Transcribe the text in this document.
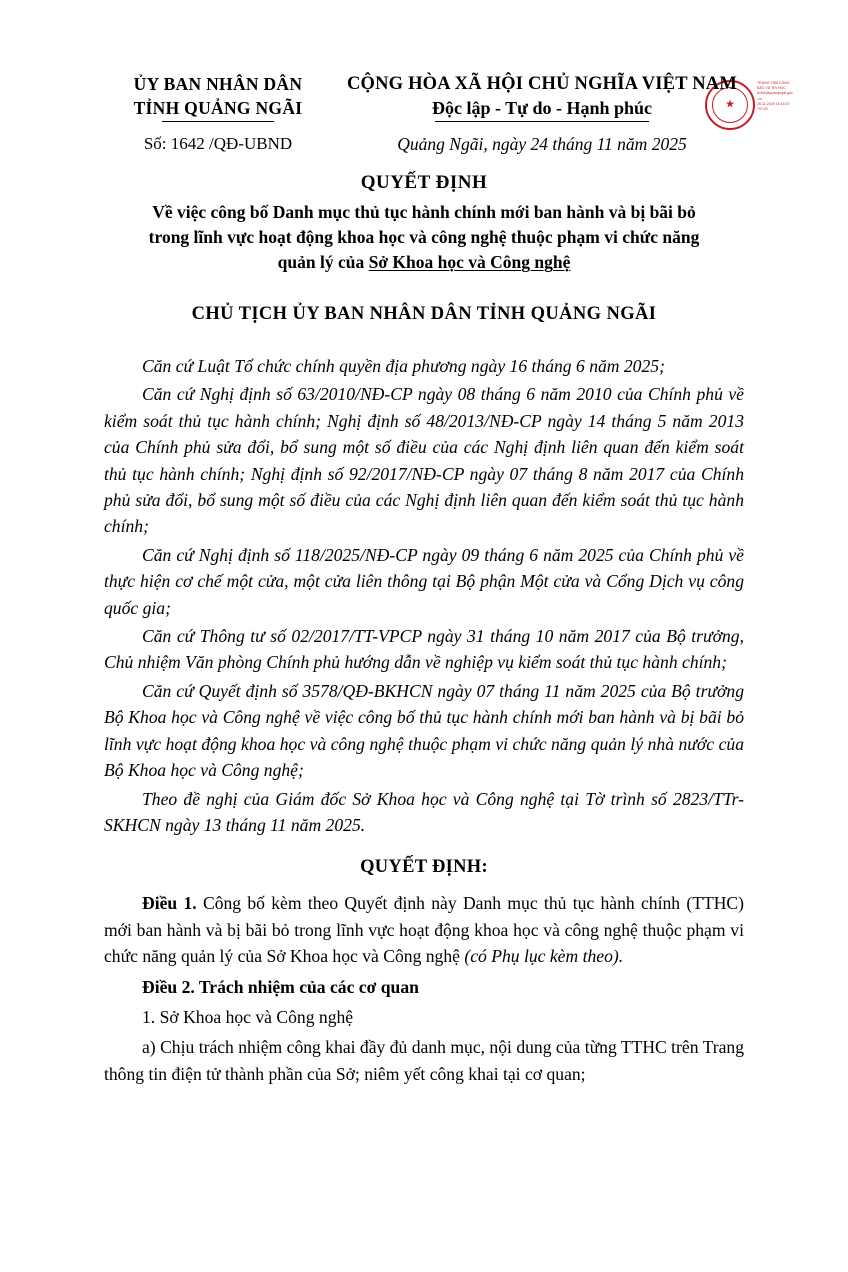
★
TRUNG TÂM CÔNG
BÁO VÀ TIN HỌC
ttcbth@quangngai.gov
.vn
28.11.2025 15:16:37
+07:00
ỦY BAN NHÂN DÂN
TỈNH QUẢNG NGÃI
Số: 1642 /QĐ-UBND
CỘNG HÒA XÃ HỘI CHỦ NGHĨA VIỆT NAM
Độc lập - Tự do - Hạnh phúc
Quảng Ngãi, ngày 24 tháng 11 năm 2025
QUYẾT ĐỊNH
Về việc công bố Danh mục thủ tục hành chính mới ban hành và bị bãi bỏ
trong lĩnh vực hoạt động khoa học và công nghệ thuộc phạm vi chức năng
quản lý của Sở Khoa học và Công nghệ
CHỦ TỊCH ỦY BAN NHÂN DÂN TỈNH QUẢNG NGÃI

Căn cứ Luật Tổ chức chính quyền địa phương ngày 16 tháng 6 năm 2025;

Căn cứ Nghị định số 63/2010/NĐ-CP ngày 08 tháng 6 năm 2010 của Chính phủ về kiểm soát thủ tục hành chính; Nghị định số 48/2013/NĐ-CP ngày 14 tháng 5 năm 2013 của Chính phủ sửa đổi, bổ sung một số điều của các Nghị định liên quan đến kiểm soát thủ tục hành chính; Nghị định số 92/2017/NĐ-CP ngày 07 tháng 8 năm 2017 của Chính phủ sửa đổi, bổ sung một số điều của các Nghị định liên quan đến kiểm soát thủ tục hành chính;

Căn cứ Nghị định số 118/2025/NĐ-CP ngày 09 tháng 6 năm 2025 của Chính phủ về thực hiện cơ chế một cửa, một cửa liên thông tại Bộ phận Một cửa và Cổng Dịch vụ công quốc gia;

Căn cứ Thông tư số 02/2017/TT-VPCP ngày 31 tháng 10 năm 2017 của Bộ trưởng, Chủ nhiệm Văn phòng Chính phủ hướng dẫn về nghiệp vụ kiểm soát thủ tục hành chính;

Căn cứ Quyết định số 3578/QĐ-BKHCN ngày 07 tháng 11 năm 2025 của Bộ trưởng Bộ Khoa học và Công nghệ về việc công bố thủ tục hành chính mới ban hành và bị bãi bỏ lĩnh vực hoạt động khoa học và công nghệ thuộc phạm vi chức năng quản lý nhà nước của Bộ Khoa học và Công nghệ;

Theo đề nghị của Giám đốc Sở Khoa học và Công nghệ tại Tờ trình số 2823/TTr-SKHCN ngày 13 tháng 11 năm 2025.

QUYẾT ĐỊNH:

Điều 1. Công bố kèm theo Quyết định này Danh mục thủ tục hành chính (TTHC) mới ban hành và bị bãi bỏ trong lĩnh vực hoạt động khoa học và công nghệ thuộc phạm vi chức năng quản lý của Sở Khoa học và Công nghệ (có Phụ lục kèm theo).

Điều 2. Trách nhiệm của các cơ quan

1. Sở Khoa học và Công nghệ

a) Chịu trách nhiệm công khai đầy đủ danh mục, nội dung của từng TTHC trên Trang thông tin điện tử thành phần của Sở; niêm yết công khai tại cơ quan;
